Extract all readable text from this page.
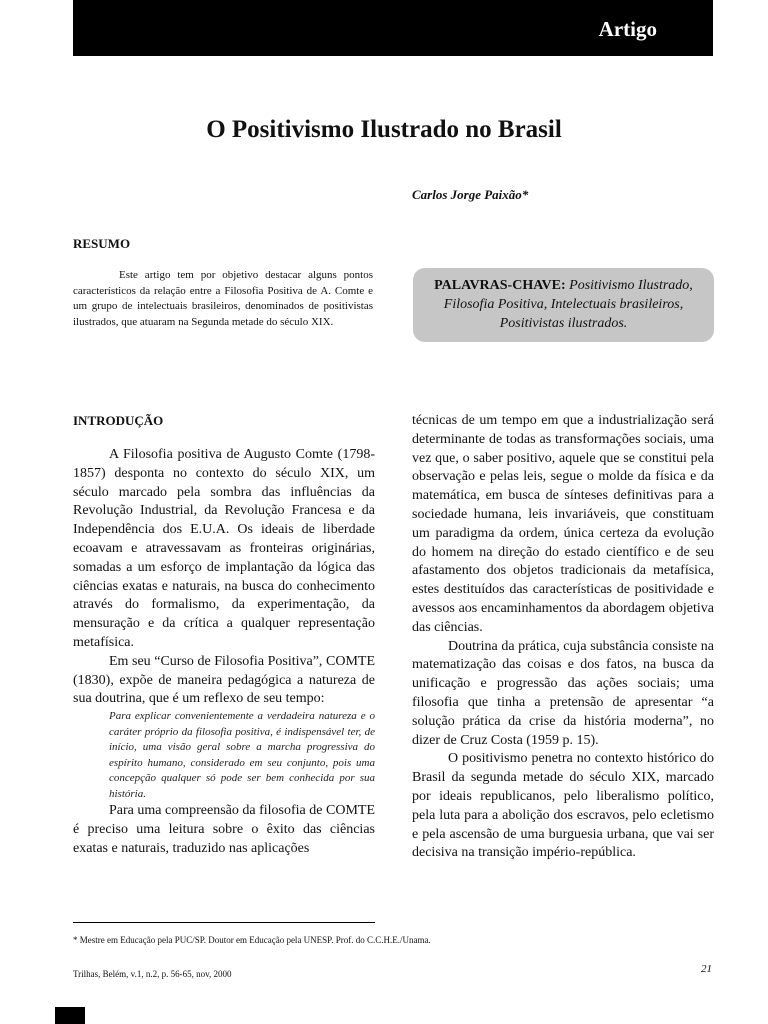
Artigo
O Positivismo Ilustrado no Brasil
Carlos Jorge Paixão*
RESUMO

Este artigo tem por objetivo destacar alguns pontos característicos da relação entre a Filosofia Positiva de A. Comte e um grupo de intelectuais brasileiros, denominados de positivistas ilustrados, que atuaram na Segunda metade do século XIX.

PALAVRAS-CHAVE: Positivismo Ilustrado, Filosofia Positiva, Intelectuais brasileiros, Positivistas ilustrados.
INTRODUÇÃO

A Filosofia positiva de Augusto Comte (1798-1857) desponta no contexto do século XIX, um século marcado pela sombra das influências da Revolução Industrial, da Revolução Francesa e da Independência dos E.U.A. Os ideais de liberdade ecoavam e atravessavam as fronteiras originárias, somadas a um esforço de implantação da lógica das ciências exatas e naturais, na busca do conhecimento através do formalismo, da experimentação, da mensuração e da crítica a qualquer representação metafísica.

Em seu “Curso de Filosofia Positiva”, COMTE (1830), expõe de maneira pedagógica a natureza de sua doutrina, que é um reflexo de seu tempo:

Para explicar convenientemente a verdadeira natureza e o caráter próprio da filosofia positiva, é indispensável ter, de início, uma visão geral sobre a marcha progressiva do espírito humano, considerado em seu conjunto, pois uma concepção qualquer só pode ser bem conhecida por sua história.

Para uma compreensão da filosofia de COMTE é preciso uma leitura sobre o êxito das ciências exatas e naturais, traduzido nas aplicações

técnicas de um tempo em que a industrialização será determinante de todas as transformações sociais, uma vez que, o saber positivo, aquele que se constitui pela observação e pelas leis, segue o molde da física e da matemática, em busca de sínteses definitivas para a sociedade humana, leis invariáveis, que constituam um paradigma da ordem, única certeza da evolução do homem na direção do estado científico e de seu afastamento dos objetos tradicionais da metafísica, estes destituídos das características de positividade e avessos aos encaminhamentos da abordagem objetiva das ciências.

Doutrina da prática, cuja substância consiste na matematização das coisas e dos fatos, na busca da unificação e progressão das ações sociais; uma filosofia que tinha a pretensão de apresentar “a solução prática da crise da história moderna”, no dizer de Cruz Costa (1959 p. 15).

O positivismo penetra no contexto histórico do Brasil da segunda metade do século XIX, marcado por ideais republicanos, pelo liberalismo político, pela luta para a abolição dos escravos, pelo ecletismo e pela ascensão de uma burguesia urbana, que vai ser decisiva na transição império-república.

* Mestre em Educação pela PUC/SP. Doutor em Educação pela UNESP. Prof. do C.C.H.E./Unama.
Trilhas, Belém, v.1, n.2, p. 56-65, nov, 2000	21
